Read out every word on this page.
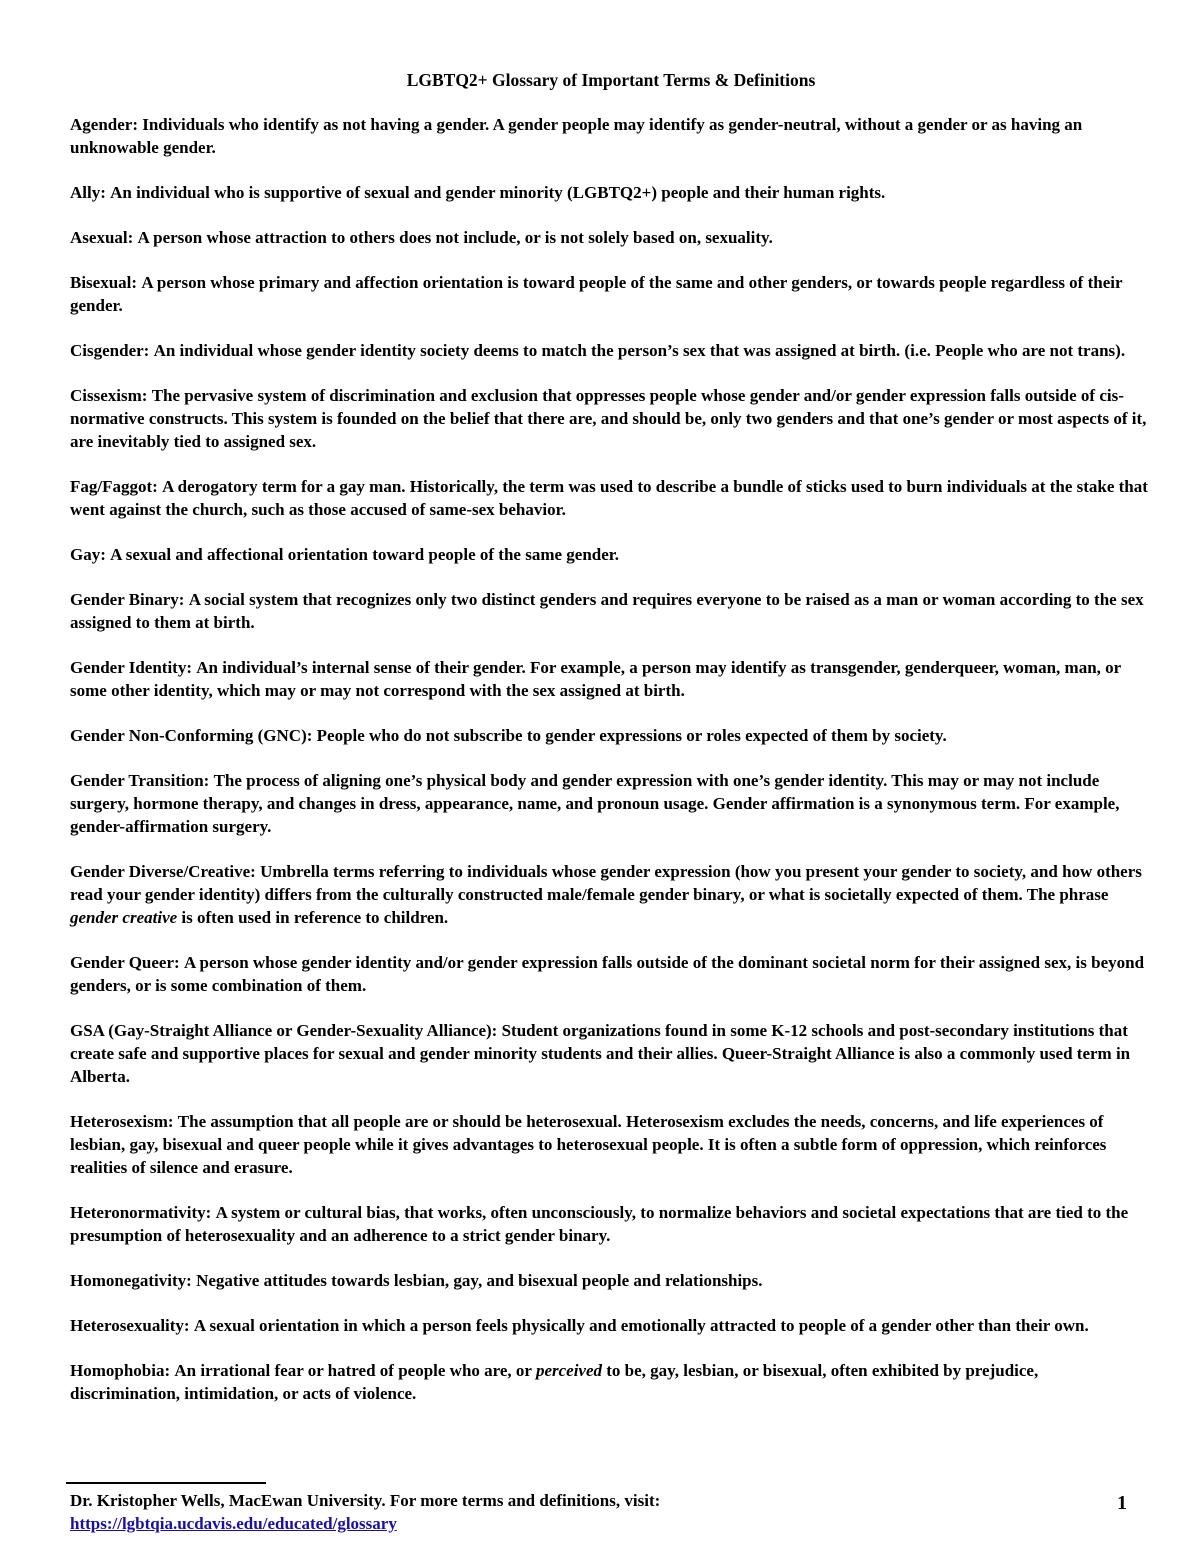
LGBTQ2+ Glossary of Important Terms & Definitions
Agender: Individuals who identify as not having a gender. A gender people may identify as gender-neutral, without a gender or as having an unknowable gender.
Ally: An individual who is supportive of sexual and gender minority (LGBTQ2+) people and their human rights.
Asexual: A person whose attraction to others does not include, or is not solely based on, sexuality.
Bisexual: A person whose primary and affection orientation is toward people of the same and other genders, or towards people regardless of their gender.
Cisgender: An individual whose gender identity society deems to match the person’s sex that was assigned at birth. (i.e. People who are not trans).
Cissexism: The pervasive system of discrimination and exclusion that oppresses people whose gender and/or gender expression falls outside of cis-normative constructs. This system is founded on the belief that there are, and should be, only two genders and that one’s gender or most aspects of it, are inevitably tied to assigned sex.
Fag/Faggot: A derogatory term for a gay man. Historically, the term was used to describe a bundle of sticks used to burn individuals at the stake that went against the church, such as those accused of same-sex behavior.
Gay: A sexual and affectional orientation toward people of the same gender.
Gender Binary: A social system that recognizes only two distinct genders and requires everyone to be raised as a man or woman according to the sex assigned to them at birth.
Gender Identity: An individual’s internal sense of their gender. For example, a person may identify as transgender, genderqueer, woman, man, or some other identity, which may or may not correspond with the sex assigned at birth.
Gender Non-Conforming (GNC): People who do not subscribe to gender expressions or roles expected of them by society.
Gender Transition: The process of aligning one’s physical body and gender expression with one’s gender identity. This may or may not include surgery, hormone therapy, and changes in dress, appearance, name, and pronoun usage. Gender affirmation is a synonymous term. For example, gender-affirmation surgery.
Gender Diverse/Creative: Umbrella terms referring to individuals whose gender expression (how you present your gender to society, and how others read your gender identity) differs from the culturally constructed male/female gender binary, or what is societally expected of them. The phrase gender creative is often used in reference to children.
Gender Queer: A person whose gender identity and/or gender expression falls outside of the dominant societal norm for their assigned sex, is beyond genders, or is some combination of them.
GSA (Gay-Straight Alliance or Gender-Sexuality Alliance): Student organizations found in some K-12 schools and post-secondary institutions that create safe and supportive places for sexual and gender minority students and their allies. Queer-Straight Alliance is also a commonly used term in Alberta.
Heterosexism: The assumption that all people are or should be heterosexual. Heterosexism excludes the needs, concerns, and life experiences of lesbian, gay, bisexual and queer people while it gives advantages to heterosexual people. It is often a subtle form of oppression, which reinforces realities of silence and erasure.
Heteronormativity: A system or cultural bias, that works, often unconsciously, to normalize behaviors and societal expectations that are tied to the presumption of heterosexuality and an adherence to a strict gender binary.
Homonegativity: Negative attitudes towards lesbian, gay, and bisexual people and relationships.
Heterosexuality: A sexual orientation in which a person feels physically and emotionally attracted to people of a gender other than their own.
Homophobia: An irrational fear or hatred of people who are, or perceived to be, gay, lesbian, or bisexual, often exhibited by prejudice, discrimination, intimidation, or acts of violence.
Dr. Kristopher Wells, MacEwan University. For more terms and definitions, visit:
https://lgbtqia.ucdavis.edu/educated/glossary
1
